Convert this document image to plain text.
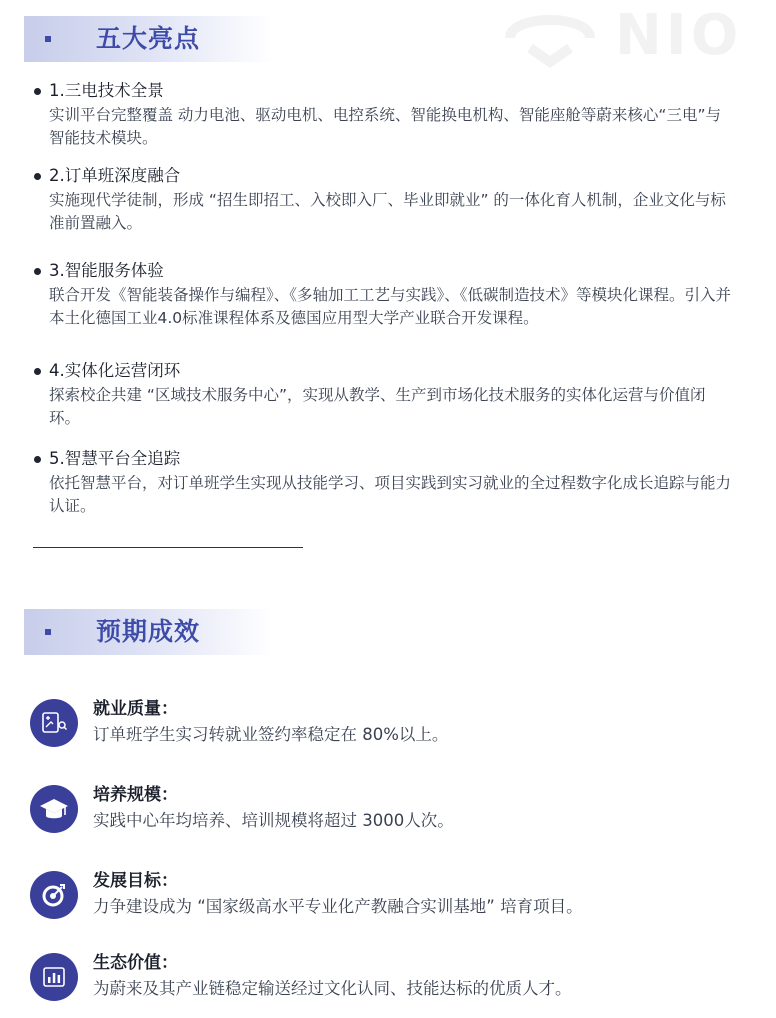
NIO
五大亮点
1.三电技术全景
实训平台完整覆盖 动力电池、驱动电机、电控系统、智能换电机构、智能座舱等蔚来核心“三电”与智能技术模块。
2.订单班深度融合
实施现代学徒制，形成 “招生即招工、入校即入厂、毕业即就业” 的一体化育人机制，企业文化与标准前置融入。
3.智能服务体验
联合开发《智能装备操作与编程》、《多轴加工工艺与实践》、《低碳制造技术》等模块化课程。引入并本土化德国工业4.0标准课程体系及德国应用型大学产业联合开发课程。
4.实体化运营闭环
探索校企共建 “区域技术服务中心”，实现从教学、生产到市场化技术服务的实体化运营与价值闭环。
5.智慧平台全追踪
依托智慧平台，对订单班学生实现从技能学习、项目实践到实习就业的全过程数字化成长追踪与能力认证。
预期成效
就业质量：
订单班学生实习转就业签约率稳定在 80%以上。
培养规模：
实践中心年均培养、培训规模将超过 3000人次。
发展目标：
力争建设成为 “国家级高水平专业化产教融合实训基地” 培育项目。
生态价值：
为蔚来及其产业链稳定输送经过文化认同、技能达标的优质人才。
